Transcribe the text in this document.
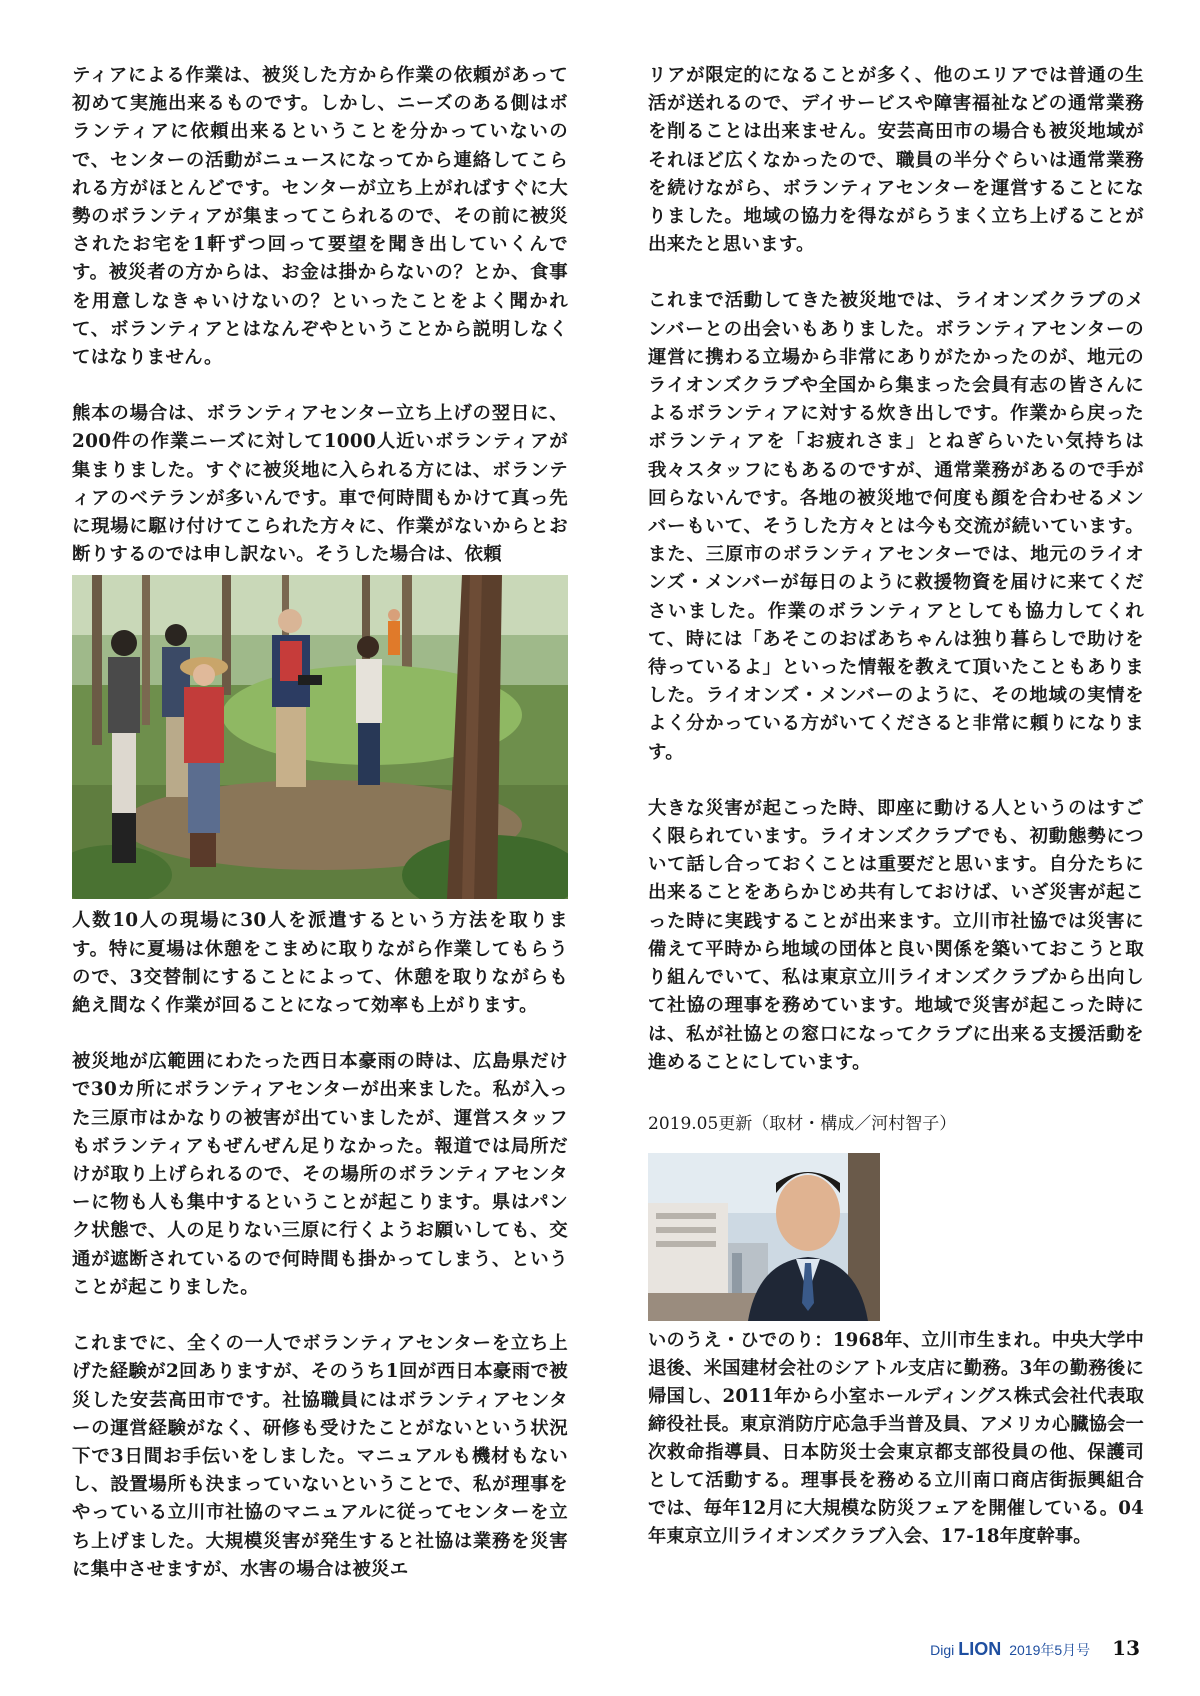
ティアによる作業は、被災した方から作業の依頼があって初めて実施出来るものです。しかし、ニーズのある側はボランティアに依頼出来るということを分かっていないので、センターの活動がニュースになってから連絡してこられる方がほとんどです。センターが立ち上がればすぐに大勢のボランティアが集まってこられるので、その前に被災されたお宅を1軒ずつ回って要望を聞き出していくんです。被災者の方からは、お金は掛からないの？とか、食事を用意しなきゃいけないの？といったことをよく聞かれて、ボランティアとはなんぞやということから説明しなくてはなりません。

熊本の場合は、ボランティアセンター立ち上げの翌日に、200件の作業ニーズに対して1000人近いボランティアが集まりました。すぐに被災地に入られる方には、ボランティアのベテランが多いんです。車で何時間もかけて真っ先に現場に駆け付けてこられた方々に、作業がないからとお断りするのでは申し訳ない。そうした場合は、依頼

人数10人の現場に30人を派遣するという方法を取ります。特に夏場は休憩をこまめに取りながら作業してもらうので、3交替制にすることによって、休憩を取りながらも絶え間なく作業が回ることになって効率も上がります。

被災地が広範囲にわたった西日本豪雨の時は、広島県だけで30カ所にボランティアセンターが出来ました。私が入った三原市はかなりの被害が出ていましたが、運営スタッフもボランティアもぜんぜん足りなかった。報道では局所だけが取り上げられるので、その場所のボランティアセンターに物も人も集中するということが起こります。県はパンク状態で、人の足りない三原に行くようお願いしても、交通が遮断されているので何時間も掛かってしまう、ということが起こりました。

これまでに、全くの一人でボランティアセンターを立ち上げた経験が2回ありますが、そのうち1回が西日本豪雨で被災した安芸高田市です。社協職員にはボランティアセンターの運営経験がなく、研修も受けたことがないという状況下で3日間お手伝いをしました。マニュアルも機材もないし、設置場所も決まっていないということで、私が理事をやっている立川市社協のマニュアルに従ってセンターを立ち上げました。大規模災害が発生すると社協は業務を災害に集中させますが、水害の場合は被災エ

リアが限定的になることが多く、他のエリアでは普通の生活が送れるので、デイサービスや障害福祉などの通常業務を削ることは出来ません。安芸高田市の場合も被災地域がそれほど広くなかったので、職員の半分ぐらいは通常業務を続けながら、ボランティアセンターを運営することになりました。地域の協力を得ながらうまく立ち上げることが出来たと思います。

これまで活動してきた被災地では、ライオンズクラブのメンバーとの出会いもありました。ボランティアセンターの運営に携わる立場から非常にありがたかったのが、地元のライオンズクラブや全国から集まった会員有志の皆さんによるボランティアに対する炊き出しです。作業から戻ったボランティアを「お疲れさま」とねぎらいたい気持ちは我々スタッフにもあるのですが、通常業務があるので手が回らないんです。各地の被災地で何度も顔を合わせるメンバーもいて、そうした方々とは今も交流が続いています。また、三原市のボランティアセンターでは、地元のライオンズ・メンバーが毎日のように救援物資を届けに来てくださいました。作業のボランティアとしても協力してくれて、時には「あそこのおばあちゃんは独り暮らしで助けを待っているよ」といった情報を教えて頂いたこともありました。ライオンズ・メンバーのように、その地域の実情をよく分かっている方がいてくださると非常に頼りになります。

大きな災害が起こった時、即座に動ける人というのはすごく限られています。ライオンズクラブでも、初動態勢について話し合っておくことは重要だと思います。自分たちに出来ることをあらかじめ共有しておけば、いざ災害が起こった時に実践することが出来ます。立川市社協では災害に備えて平時から地域の団体と良い関係を築いておこうと取り組んでいて、私は東京立川ライオンズクラブから出向して社協の理事を務めています。地域で災害が起こった時には、私が社協との窓口になってクラブに出来る支援活動を進めることにしています。

2019.05更新（取材・構成／河村智子）

いのうえ・ひでのり：1968年、立川市生まれ。中央大学中退後、米国建材会社のシアトル支店に勤務。3年の勤務後に帰国し、2011年から小室ホールディングス株式会社代表取締役社長。東京消防庁応急手当普及員、アメリカ心臓協会一次救命指導員、日本防災士会東京都支部役員の他、保護司として活動する。理事長を務める立川南口商店街振興組合では、毎年12月に大規模な防災フェアを開催している。04年東京立川ライオンズクラブ入会、17-18年度幹事。

Digi LION 2019年5月号 13
